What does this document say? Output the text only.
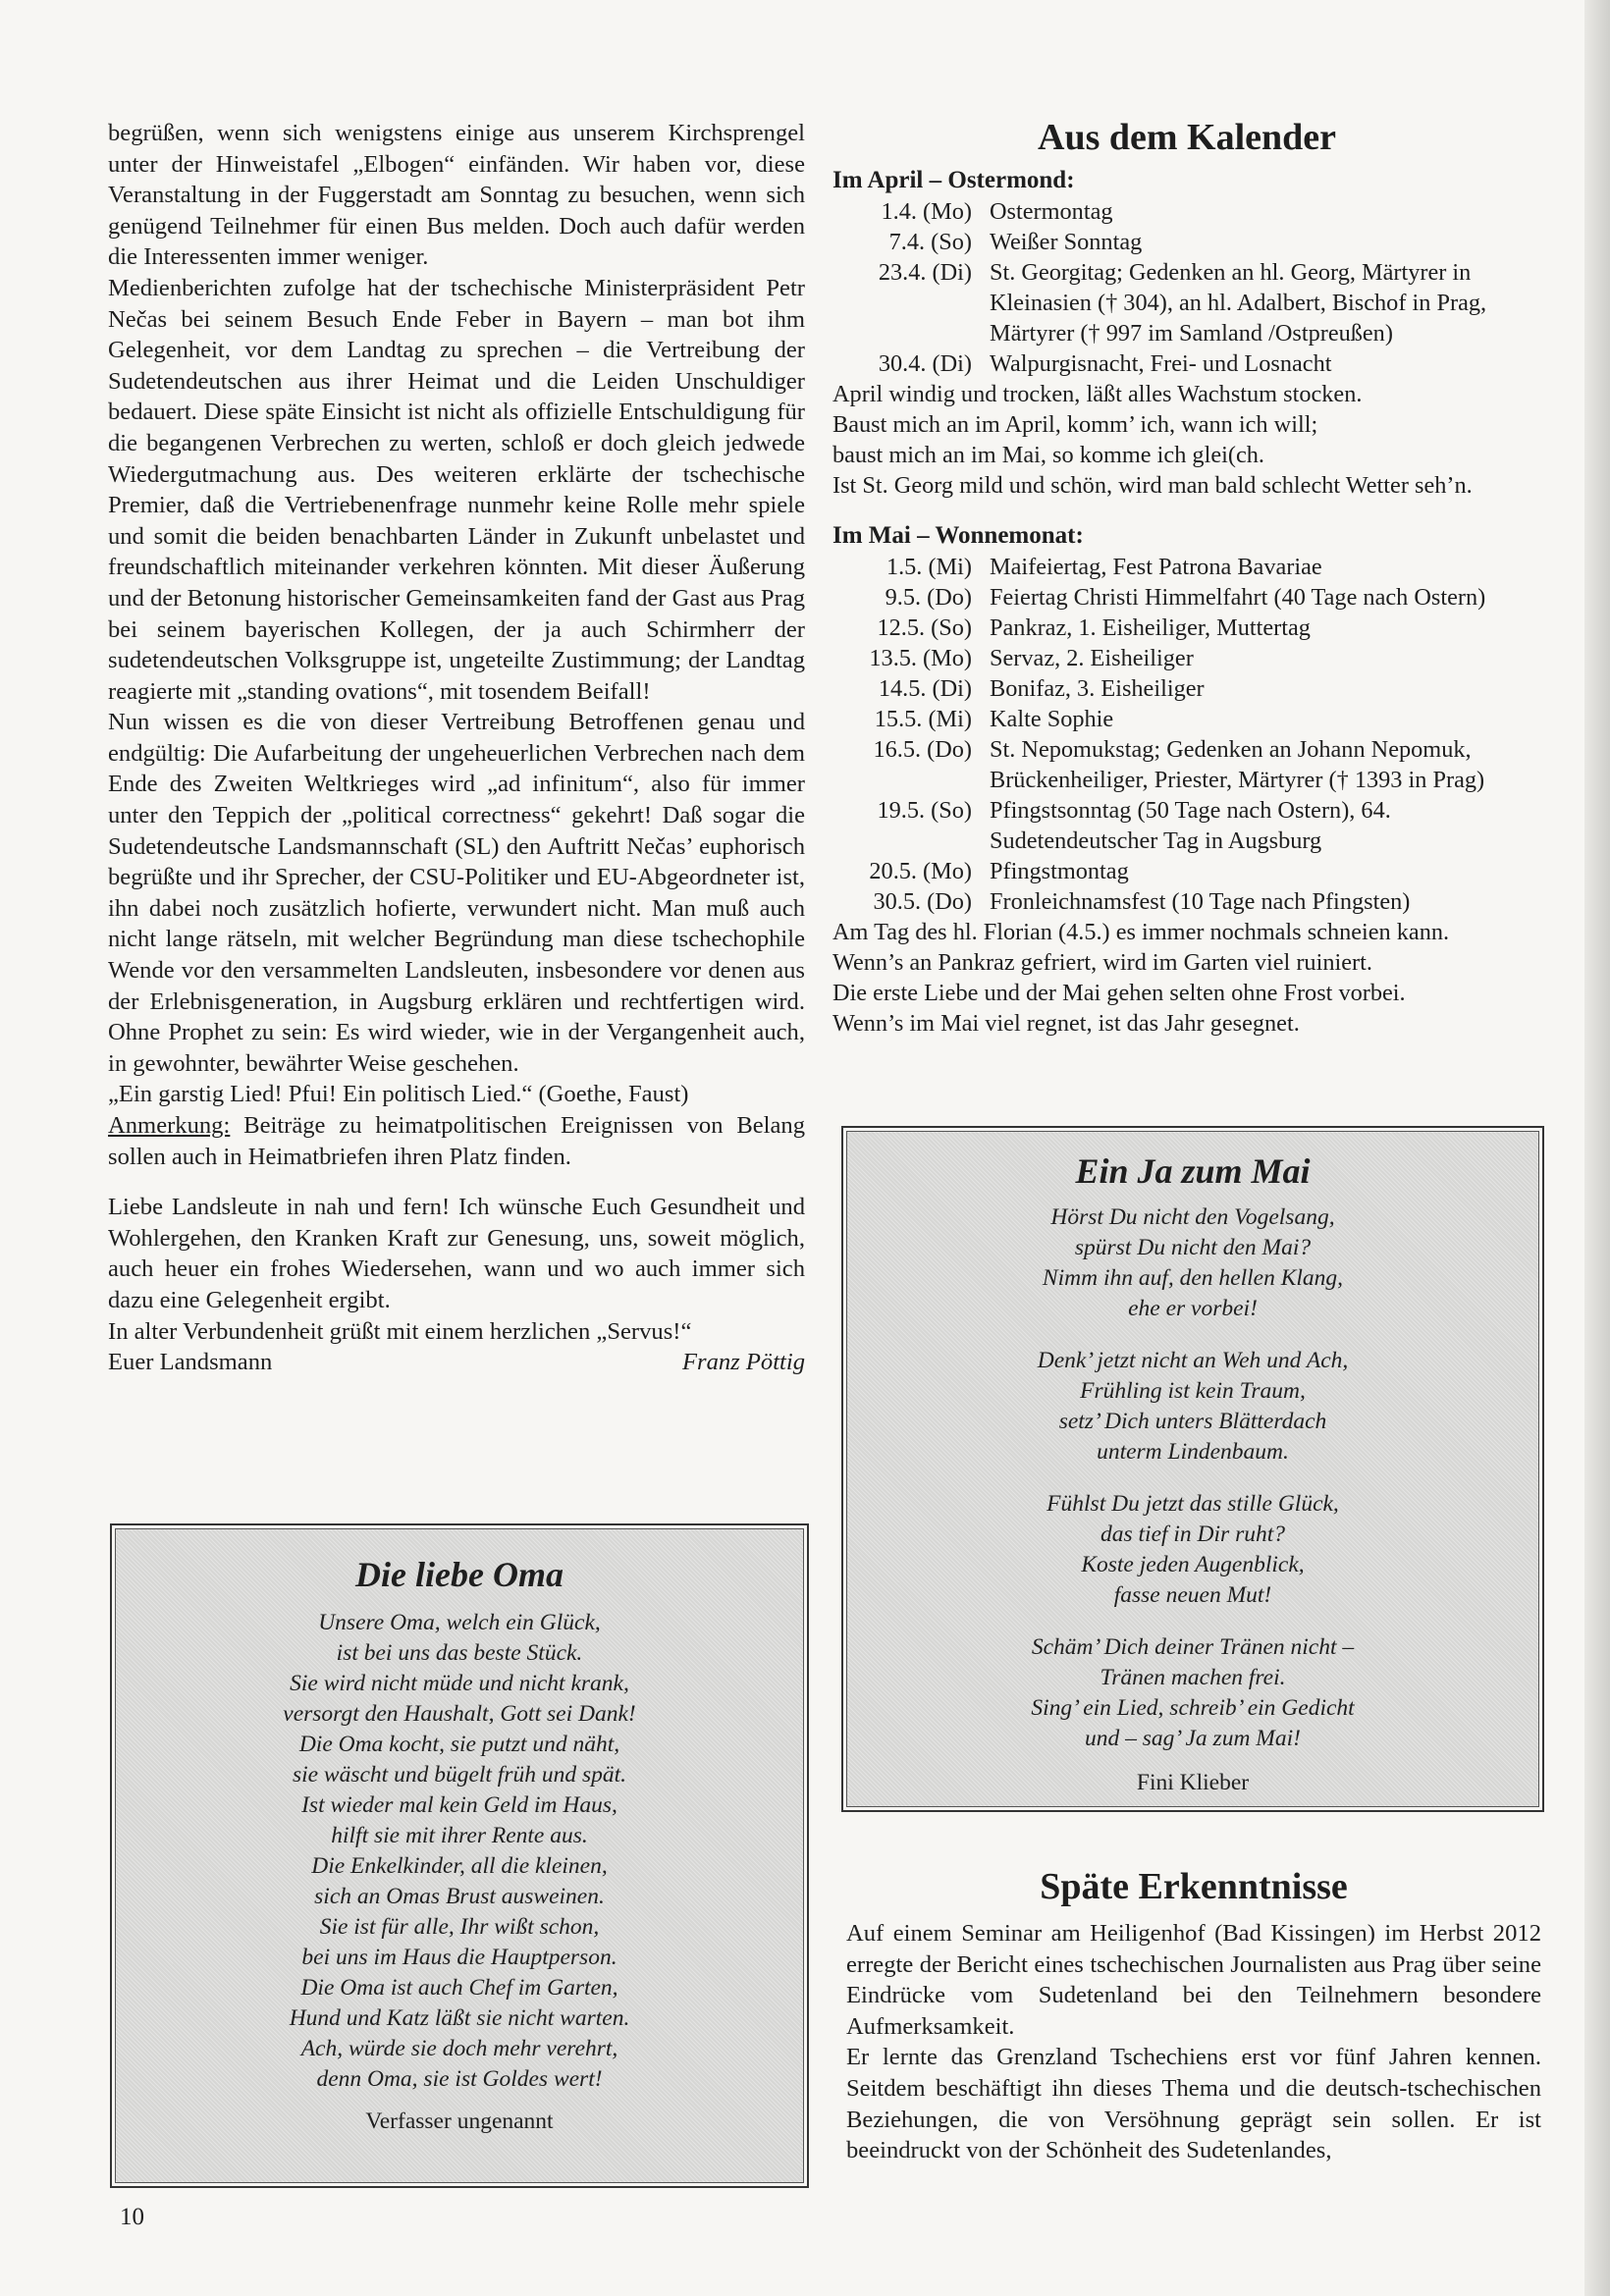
begrüßen, wenn sich wenigstens einige aus unserem Kirchsprengel unter der Hinweistafel „Elbogen“ einfänden. Wir haben vor, diese Veranstaltung in der Fuggerstadt am Sonntag zu besuchen, wenn sich genügend Teilnehmer für einen Bus melden. Doch auch dafür werden die Interessenten immer weniger.

Medienberichten zufolge hat der tschechische Ministerpräsident Petr Nečas bei seinem Besuch Ende Feber in Bayern – man bot ihm Gelegenheit, vor dem Landtag zu sprechen – die Vertreibung der Sudetendeutschen aus ihrer Heimat und die Leiden Unschuldiger bedauert. Diese späte Einsicht ist nicht als offizielle Entschuldigung für die begangenen Verbrechen zu werten, schloß er doch gleich jedwede Wiedergutmachung aus. Des weiteren erklärte der tschechische Premier, daß die Vertriebenenfrage nunmehr keine Rolle mehr spiele und somit die beiden benachbarten Länder in Zukunft unbelastet und freundschaftlich miteinander verkehren könnten. Mit dieser Äußerung und der Betonung historischer Gemeinsamkeiten fand der Gast aus Prag bei seinem bayerischen Kollegen, der ja auch Schirmherr der sudetendeutschen Volksgruppe ist, ungeteilte Zustimmung; der Landtag reagierte mit „standing ovations“, mit tosendem Beifall!

Nun wissen es die von dieser Vertreibung Betroffenen genau und endgültig: Die Aufarbeitung der ungeheuerlichen Verbrechen nach dem Ende des Zweiten Weltkrieges wird „ad infinitum“, also für immer unter den Teppich der „political correctness“ gekehrt! Daß sogar die Sudetendeutsche Landsmannschaft (SL) den Auftritt Nečas’ euphorisch begrüßte und ihr Sprecher, der CSU-Politiker und EU-Abgeordneter ist, ihn dabei noch zusätzlich hofierte, verwundert nicht. Man muß auch nicht lange rätseln, mit welcher Begründung man diese tschechophile Wende vor den versammelten Landsleuten, insbesondere vor denen aus der Erlebnisgeneration, in Augsburg erklären und rechtfertigen wird. Ohne Prophet zu sein: Es wird wieder, wie in der Vergangenheit auch, in gewohnter, bewährter Weise geschehen.

„Ein garstig Lied! Pfui! Ein politisch Lied.“ (Goethe, Faust)

Anmerkung: Beiträge zu heimatpolitischen Ereignissen von Belang sollen auch in Heimatbriefen ihren Platz finden.

Liebe Landsleute in nah und fern! Ich wünsche Euch Gesundheit und Wohlergehen, den Kranken Kraft zur Genesung, uns, soweit möglich, auch heuer ein frohes Wiedersehen, wann und wo auch immer sich dazu eine Gelegenheit ergibt.

In alter Verbundenheit grüßt mit einem herzlichen „Servus!“

Euer Landsmann	Franz Pöttig

Die liebe Oma

Unsere Oma, welch ein Glück,
ist bei uns das beste Stück.
Sie wird nicht müde und nicht krank,
versorgt den Haushalt, Gott sei Dank!
Die Oma kocht, sie putzt und näht,
sie wäscht und bügelt früh und spät.
Ist wieder mal kein Geld im Haus,
hilft sie mit ihrer Rente aus.
Die Enkelkinder, all die kleinen,
sich an Omas Brust ausweinen.
Sie ist für alle, Ihr wißt schon,
bei uns im Haus die Hauptperson.
Die Oma ist auch Chef im Garten,
Hund und Katz läßt sie nicht warten.
Ach, würde sie doch mehr verehrt,
denn Oma, sie ist Goldes wert!
Verfasser ungenannt
Aus dem Kalender

Im April – Ostermond:

1.4. (Mo) Ostermontag
7.4. (So) Weißer Sonntag
23.4. (Di) St. Georgitag; Gedenken an hl. Georg, Märtyrer in Kleinasien († 304), an hl. Adalbert, Bischof in Prag, Märtyrer († 997 im Samland /Ostpreußen)
30.4. (Di) Walpurgisnacht, Frei- und Losnacht

April windig und trocken, läßt alles Wachstum stocken.

Baust mich an im April, komm’ ich, wann ich will;

baust mich an im Mai, so komme ich glei(ch.

Ist St. Georg mild und schön, wird man bald schlecht Wetter seh’n.

Im Mai – Wonnemonat:

1.5. (Mi) Maifeiertag, Fest Patrona Bavariae
9.5. (Do) Feiertag Christi Himmelfahrt (40 Tage nach Ostern)
12.5. (So) Pankraz, 1. Eisheiliger, Muttertag
13.5. (Mo) Servaz, 2. Eisheiliger
14.5. (Di) Bonifaz, 3. Eisheiliger
15.5. (Mi) Kalte Sophie
16.5. (Do) St. Nepomukstag; Gedenken an Johann Nepomuk, Brückenheiliger, Priester, Märtyrer († 1393 in Prag)
19.5. (So) Pfingstsonntag (50 Tage nach Ostern), 64. Sudetendeutscher Tag in Augsburg
20.5. (Mo) Pfingstmontag
30.5. (Do) Fronleichnamsfest (10 Tage nach Pfingsten)

Am Tag des hl. Florian (4.5.) es immer nochmals schneien kann.

Wenn’s an Pankraz gefriert, wird im Garten viel ruiniert.

Die erste Liebe und der Mai gehen selten ohne Frost vorbei.

Wenn’s im Mai viel regnet, ist das Jahr gesegnet.

Ein Ja zum Mai

Hörst Du nicht den Vogelsang,
spürst Du nicht den Mai?
Nimm ihn auf, den hellen Klang,
ehe er vorbei!
Denk’ jetzt nicht an Weh und Ach,
Frühling ist kein Traum,
setz’ Dich unters Blätterdach
unterm Lindenbaum.
Fühlst Du jetzt das stille Glück,
das tief in Dir ruht?
Koste jeden Augenblick,
fasse neuen Mut!
Schäm’ Dich deiner Tränen nicht –
Tränen machen frei.
Sing’ ein Lied, schreib’ ein Gedicht
und – sag’ Ja zum Mai!
Fini Klieber
Späte Erkenntnisse

Auf einem Seminar am Heiligenhof (Bad Kissingen) im Herbst 2012 erregte der Bericht eines tschechischen Journalisten aus Prag über seine Eindrücke vom Sudetenland bei den Teilnehmern besondere Aufmerksamkeit.

Er lernte das Grenzland Tschechiens erst vor fünf Jahren kennen. Seitdem beschäftigt ihn dieses Thema und die deutsch-tschechischen Beziehungen, die von Versöhnung geprägt sein sollen. Er ist beeindruckt von der Schönheit des Sudetenlandes,

10
